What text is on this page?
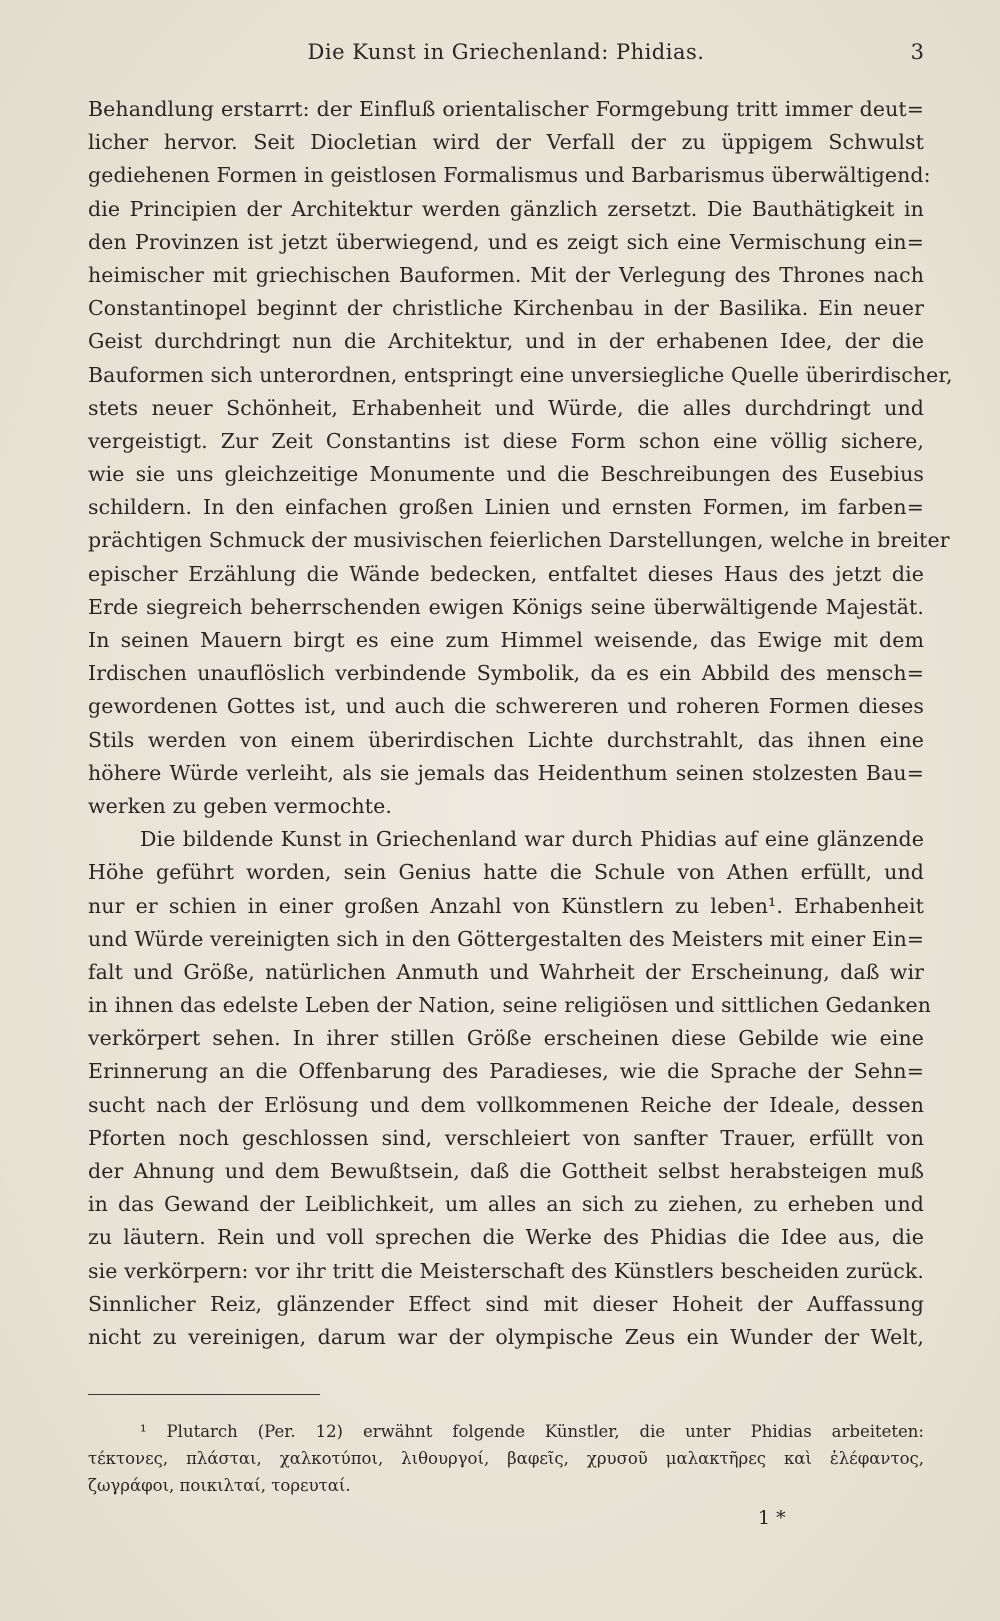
Die Kunst in Griechenland: Phidias.	3
Behandlung erstarrt: der Einfluß orientalischer Formgebung tritt immer deut=
licher hervor. Seit Diocletian wird der Verfall der zu üppigem Schwulst
gediehenen Formen in geistlosen Formalismus und Barbarismus überwältigend:
die Principien der Architektur werden gänzlich zersetzt. Die Bauthätigkeit in
den Provinzen ist jetzt überwiegend, und es zeigt sich eine Vermischung ein=
heimischer mit griechischen Bauformen. Mit der Verlegung des Thrones nach
Constantinopel beginnt der christliche Kirchenbau in der Basilika. Ein neuer
Geist durchdringt nun die Architektur, und in der erhabenen Idee, der die
Bauformen sich unterordnen, entspringt eine unversiegliche Quelle überirdischer,
stets neuer Schönheit, Erhabenheit und Würde, die alles durchdringt und
vergeistigt. Zur Zeit Constantins ist diese Form schon eine völlig sichere,
wie sie uns gleichzeitige Monumente und die Beschreibungen des Eusebius
schildern. In den einfachen großen Linien und ernsten Formen, im farben=
prächtigen Schmuck der musivischen feierlichen Darstellungen, welche in breiter
epischer Erzählung die Wände bedecken, entfaltet dieses Haus des jetzt die
Erde siegreich beherrschenden ewigen Königs seine überwältigende Majestät.
In seinen Mauern birgt es eine zum Himmel weisende, das Ewige mit dem
Irdischen unauflöslich verbindende Symbolik, da es ein Abbild des mensch=
gewordenen Gottes ist, und auch die schwereren und roheren Formen dieses
Stils werden von einem überirdischen Lichte durchstrahlt, das ihnen eine
höhere Würde verleiht, als sie jemals das Heidenthum seinen stolzesten Bau=
werken zu geben vermochte.
Die bildende Kunst in Griechenland war durch Phidias auf eine glänzende
Höhe geführt worden, sein Genius hatte die Schule von Athen erfüllt, und
nur er schien in einer großen Anzahl von Künstlern zu leben¹. Erhabenheit
und Würde vereinigten sich in den Göttergestalten des Meisters mit einer Ein=
falt und Größe, natürlichen Anmuth und Wahrheit der Erscheinung, daß wir
in ihnen das edelste Leben der Nation, seine religiösen und sittlichen Gedanken
verkörpert sehen. In ihrer stillen Größe erscheinen diese Gebilde wie eine
Erinnerung an die Offenbarung des Paradieses, wie die Sprache der Sehn=
sucht nach der Erlösung und dem vollkommenen Reiche der Ideale, dessen
Pforten noch geschlossen sind, verschleiert von sanfter Trauer, erfüllt von
der Ahnung und dem Bewußtsein, daß die Gottheit selbst herabsteigen muß
in das Gewand der Leiblichkeit, um alles an sich zu ziehen, zu erheben und
zu läutern. Rein und voll sprechen die Werke des Phidias die Idee aus, die
sie verkörpern: vor ihr tritt die Meisterschaft des Künstlers bescheiden zurück.
Sinnlicher Reiz, glänzender Effect sind mit dieser Hoheit der Auffassung
nicht zu vereinigen, darum war der olympische Zeus ein Wunder der Welt,
¹ Plutarch (Per. 12) erwähnt folgende Künstler, die unter Phidias arbeiteten:
τέκτονες, πλάσται, χαλκοτύποι, λιθουργοί, βαφεῖς, χρυσοῦ μαλακτῆρες καὶ ἐλέφαντος,
ζωγράφοι, ποικιλταί, τορευταί.
1 *
